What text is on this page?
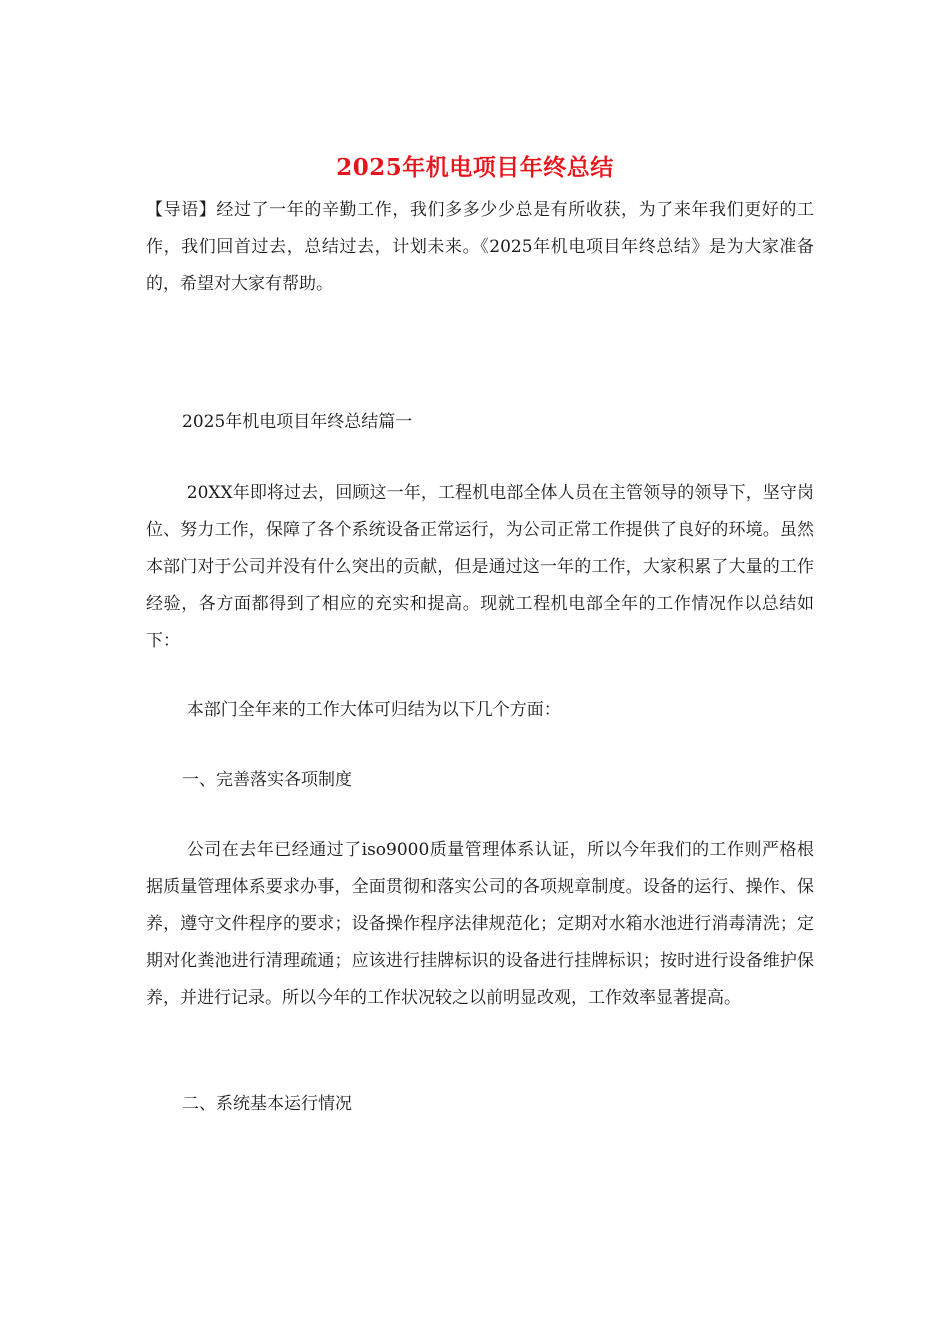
2025年机电项目年终总结
【导语】经过了一年的辛勤工作，我们多多少少总是有所收获，为了来年我们更好的工作，我们回首过去，总结过去，计划未来。《2025年机电项目年终总结》是为大家准备的，希望对大家有帮助。
2025年机电项目年终总结篇一
20XX年即将过去，回顾这一年，工程机电部全体人员在主管领导的领导下，坚守岗位、努力工作，保障了各个系统设备正常运行，为公司正常工作提供了良好的环境。虽然本部门对于公司并没有什么突出的贡献，但是通过这一年的工作，大家积累了大量的工作经验，各方面都得到了相应的充实和提高。现就工程机电部全年的工作情况作以总结如下：
本部门全年来的工作大体可归结为以下几个方面：
一、完善落实各项制度
公司在去年已经通过了iso9000质量管理体系认证，所以今年我们的工作则严格根据质量管理体系要求办事，全面贯彻和落实公司的各项规章制度。设备的运行、操作、保养，遵守文件程序的要求；设备操作程序法律规范化；定期对水箱水池进行消毒清洗；定期对化粪池进行清理疏通；应该进行挂牌标识的设备进行挂牌标识；按时进行设备维护保养，并进行记录。所以今年的工作状况较之以前明显改观，工作效率显著提高。
二、系统基本运行情况
